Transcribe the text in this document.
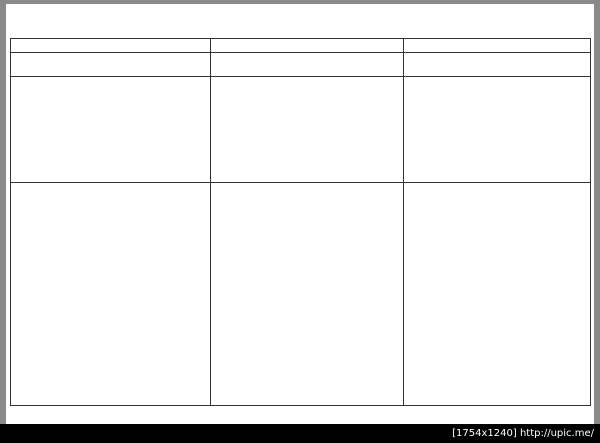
[1754x1240] http://upic.me/
